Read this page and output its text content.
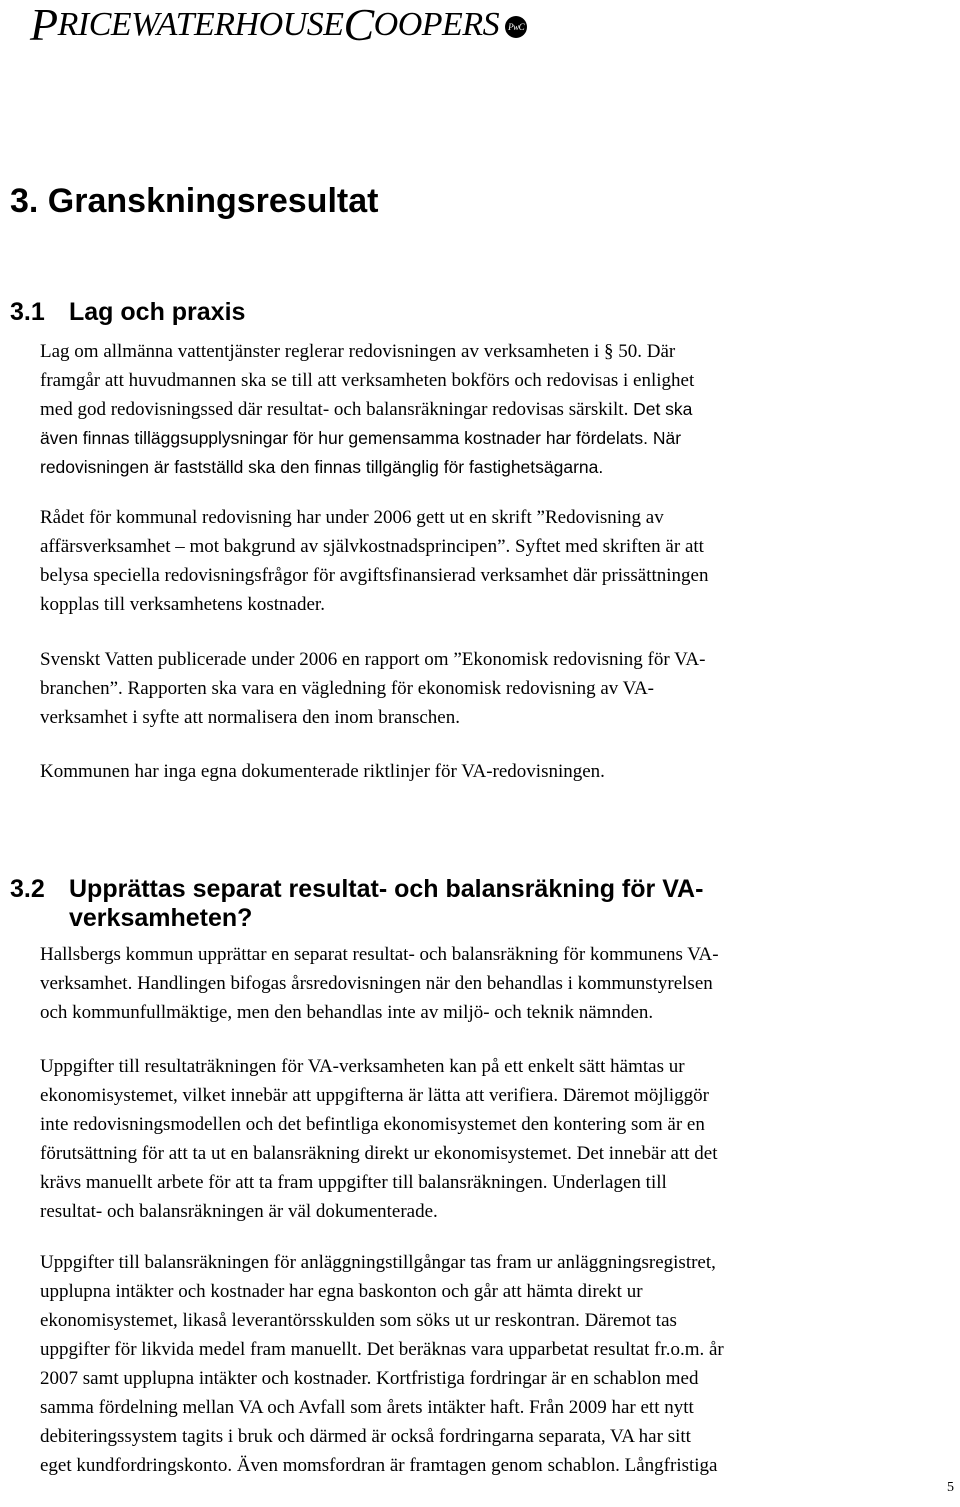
P RICEWATERHOUSE C OOPERS PwC
3. Granskningsresultat
3.1 Lag och praxis

Lag om allmänna vattentjänster reglerar redovisningen av verksamheten i § 50. Där
framgår att huvudmannen ska se till att verksamheten bokförs och redovisas i enlighet
med god redovisningssed där resultat- och balansräkningar redovisas särskilt. Det ska
även finnas tilläggsupplysningar för hur gemensamma kostnader har fördelats. När
redovisningen är fastställd ska den finnas tillgänglig för fastighetsägarna.

Rådet för kommunal redovisning har under 2006 gett ut en skrift ”Redovisning av
affärsverksamhet – mot bakgrund av självkostnadsprincipen”. Syftet med skriften är att
belysa speciella redovisningsfrågor för avgiftsfinansierad verksamhet där prissättningen
kopplas till verksamhetens kostnader.

Svenskt Vatten publicerade under 2006 en rapport om ”Ekonomisk redovisning för VA-
branchen”. Rapporten ska vara en vägledning för ekonomisk redovisning av VA-
verksamhet i syfte att normalisera den inom branschen.

Kommunen har inga egna dokumenterade riktlinjer för VA-redovisningen.

3.2 Upprättas separat resultat- och balansräkning för VA-
verksamheten?

Hallsbergs kommun upprättar en separat resultat- och balansräkning för kommunens VA-
verksamhet. Handlingen bifogas årsredovisningen när den behandlas i kommunstyrelsen
och kommunfullmäktige, men den behandlas inte av miljö- och teknik nämnden.

Uppgifter till resultaträkningen för VA-verksamheten kan på ett enkelt sätt hämtas ur
ekonomisystemet, vilket innebär att uppgifterna är lätta att verifiera. Däremot möjliggör
inte redovisningsmodellen och det befintliga ekonomisystemet den kontering som är en
förutsättning för att ta ut en balansräkning direkt ur ekonomisystemet. Det innebär att det
krävs manuellt arbete för att ta fram uppgifter till balansräkningen. Underlagen till
resultat- och balansräkningen är väl dokumenterade.

Uppgifter till balansräkningen för anläggningstillgångar tas fram ur anläggningsregistret,
upplupna intäkter och kostnader har egna baskonton och går att hämta direkt ur
ekonomisystemet, likaså leverantörsskulden som söks ut ur reskontran. Däremot tas
uppgifter för likvida medel fram manuellt. Det beräknas vara upparbetat resultat fr.o.m. år
2007 samt upplupna intäkter och kostnader. Kortfristiga fordringar är en schablon med
samma fördelning mellan VA och Avfall som årets intäkter haft. Från 2009 har ett nytt
debiteringssystem tagits i bruk och därmed är också fordringarna separata, VA har sitt
eget kundfordringskonto. Även momsfordran är framtagen genom schablon. Långfristiga

5
